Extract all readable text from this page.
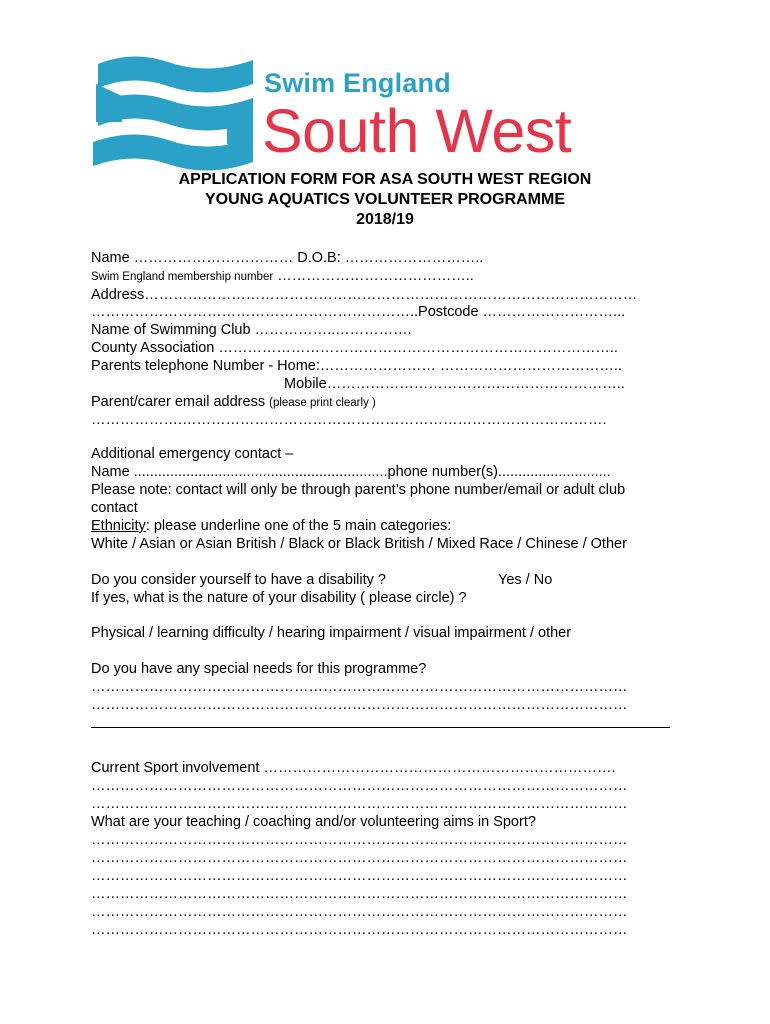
Swim England
South West
APPLICATION FORM FOR ASA SOUTH WEST REGION
YOUNG AQUATICS VOLUNTEER PROGRAMME
2018/19
Name …………………………… D.O.B: ………………………..
Swim England membership number …………………………………..
Address…………………………………………………………………………………………
…………………………………………………………..Postcode ………………………...
Name of Swimming Club ……………..…………….
County Association ………………………………………………………………………..
Parents telephone Number - Home:…………………… ………………………………..
Mobile……………………………………………………..
Parent/carer email address (please print clearly )
……………….…………………………………………………………………………….
Additional emergency contact –
Name ...............................................................phone number(s)............................
Please note: contact will only be through parent’s phone number/email or adult club
contact
Ethnicity: please underline one of the 5 main categories:
White / Asian or Asian British / Black or Black British / Mixed Race / Chinese / Other
Do you consider yourself to have a disability ?	Yes / No
If yes, what is the nature of your disability ( please circle) ?
Physical / learning difficulty / hearing impairment / visual impairment / other
Do you have any special needs for this programme?
…………………………………………………………………………………………………
…………………………………………………………………………………………………
Current Sport involvement ……………………………………………………………….
…………………………………………………………………………………………………
…………………………………………………………………………………………………
What are your teaching / coaching and/or volunteering aims in Sport?
…………………………………………………………………………………………………
…………………………………………………………………………………………………
…………………………………………………………………………………………………
…………………………………………………………………………………………………
…………………………………………………………………………………………………
…………………………………………………………………………………………………
